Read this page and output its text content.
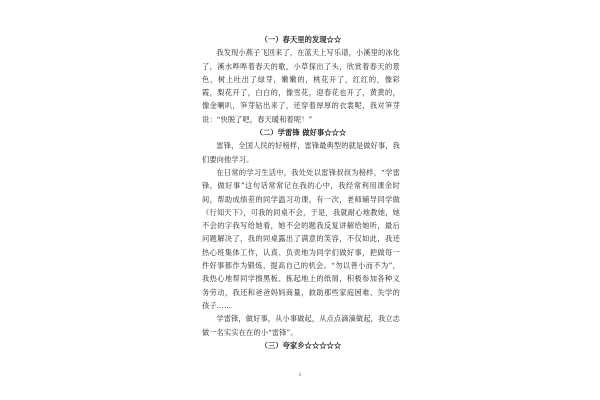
（一）春天里的发现☆☆

我发现小燕子飞回来了，在蓝天上写乐谱，小溪里的冰化了，溪水哗哗着春天的歌，小草探出了头，欣赏着春天的景色，树上吐出了绿芽，嫩嫩的，桃花开了，红红的，像彩霞，梨花开了，白白的，像雪花，迎春花也开了，黄黄的，像金喇叭，笋芽钻出来了，还穿着厚厚的衣裳呢，我对笋芽说：“快脱了吧，春天暖和着呢！”

（二）学雷锋 做好事☆☆☆

雷锋，全国人民的好榜样，雷锋最典型的就是做好事，我们要向他学习。

在日常的学习生活中，我处处以雷锋叔叔为榜样，“学雷锋，做好事”这句话常常记在我的心中，我经常利用课余时间，帮助成绩差的同学温习功课，有一次，老师辅导同学做《行知天下》，可我的同桌不会，于是，我就耐心地教她，她不会的字我写给她看，她不会的题我反复讲解给她听，最后问题解决了，我的同桌露出了满意的笑容，不仅如此，我还热心班集体工作，认真、负责地为同学们做好事，把做每一件好事都作为锻炼、提高自己的机会。“勿以善小而不为”，我热心地帮同学擦黑板、拣起地上的纸屑，积极参加各种义务劳动，我还和爸爸妈妈商量，救助那些家庭困难、失学的孩子……

学雷锋，做好事，从小事做起，从点点滴滴做起，我立志做一名实实在在的小“雷锋”。

（三）夸家乡☆☆☆☆☆

1
